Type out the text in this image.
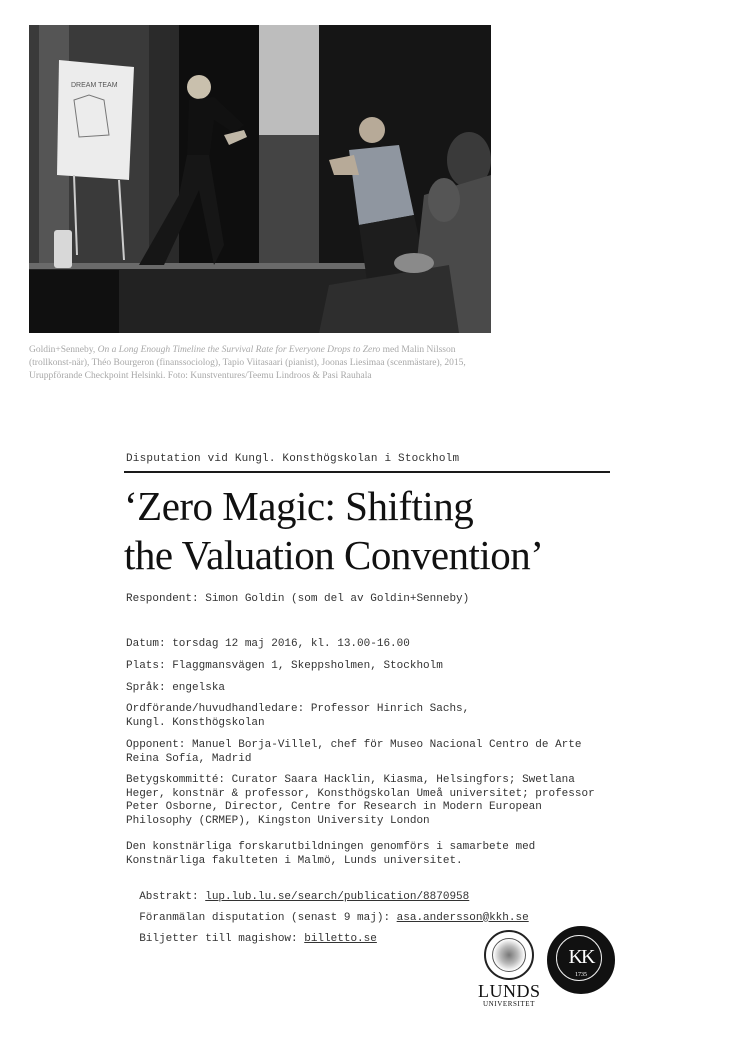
DREAM TEAM
Goldin+Senneby, On a Long Enough Timeline the Survival Rate for Everyone Drops to Zero med Malin Nilsson (trollkonst-när), Théo Bourgeron (finanssociolog), Tapio Viitasaari (pianist), Joonas Liesimaa (scenmästare), 2015, Uruppförande Checkpoint Helsinki. Foto: Kunstventures/Teemu Lindroos & Pasi Rauhala
Disputation vid Kungl. Konsthögskolan i Stockholm
‘Zero Magic: Shifting
the Valuation Convention’
Respondent: Simon Goldin (som del av Goldin+Senneby)
Datum: torsdag 12 maj 2016, kl. 13.00-16.00
Plats: Flaggmansvägen 1, Skeppsholmen, Stockholm
Språk: engelska
Ordförande/huvudhandledare: Professor Hinrich Sachs,
Kungl. Konsthögskolan
Opponent: Manuel Borja-Villel, chef för Museo Nacional Centro de Arte
Reina Sofía, Madrid
Betygskommitté: Curator Saara Hacklin, Kiasma, Helsingfors; Swetlana
Heger, konstnär & professor, Konsthögskolan Umeå universitet; professor
Peter Osborne, Director, Centre for Research in Modern European
Philosophy (CRMEP), Kingston University London
Den konstnärliga forskarutbildningen genomförs i samarbete med
Konstnärliga fakulteten i Malmö, Lunds universitet.

Abstrakt: lup.lub.lu.se/search/publication/8870958

Föranmälan disputation (senast 9 maj): asa.andersson@kkh.se

Biljetter till magishow: billetto.se

LUNDS
UNIVERSITET
KK
1735
